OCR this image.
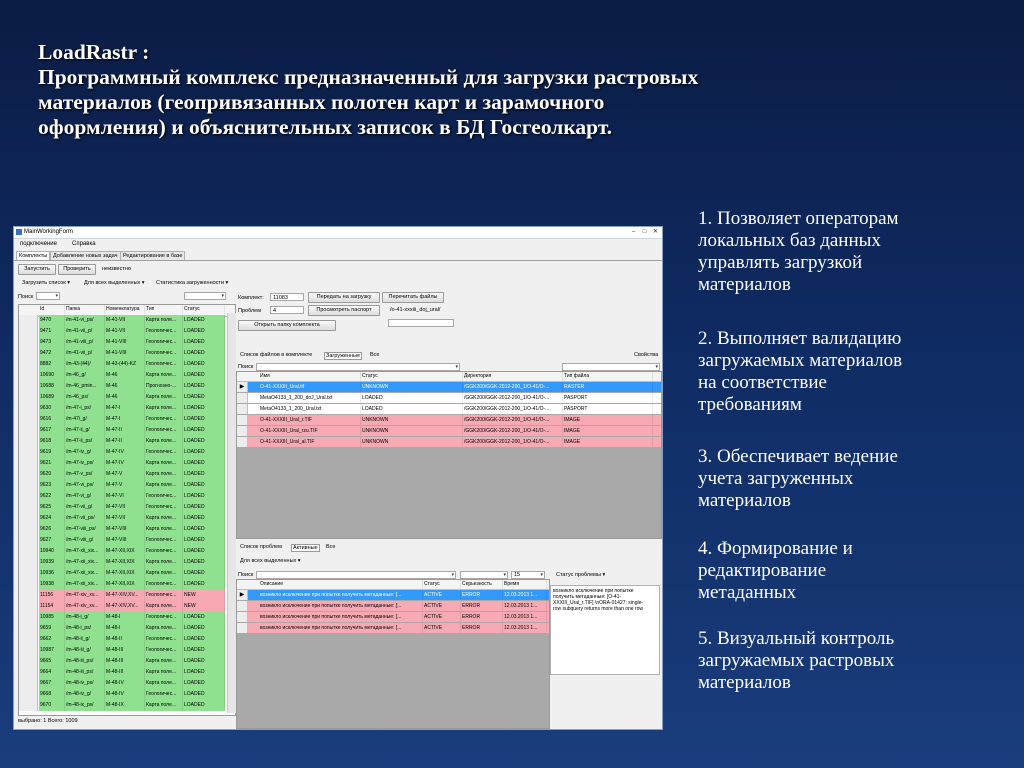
LoadRastr :
Программный комплекс предназначенный для загрузки растровых
материалов (геопривязанных полотен карт и зарамочного
оформления) и объяснительных записок в БД Госгеолкарт.
1. Позволяет операторам
локальных баз данных
управлять загрузкой
материалов
2. Выполняет валидацию
загружаемых материалов
на соответствие
требованиям
3. Обеспечивает ведение
учета загруженных
материалов
4. Формирование и
редактирование
метаданных
5. Визуальный контроль
загружаемых растровых
материалов
MainWorkingForm	–	□	✕
подключение	Справка
Комплекты	Добавление новых задач Редактирование в базе
Запустить	Проверить	неизвестно
Загрузить список ▾	Для всех выделенных ▾ Статистика загруженности ▾
Поиск	▾	▾
Id	Папка	Номенклатура	Тип	Статус
9470	/m-41-vi_ps/	M-41-VII	Карта поле...	LOADED
9471	/m-41-vii_p/	M-41-VII	Геологичес...	LOADED
9473	/m-41-viii_p/	M-41-VIII	Геологичес...	LOADED
9472	/m-41-vii_p/	M-41-VIII	Геологичес...	LOADED
8882	/m-43-(44)/	M-43-(44)-KZ	Геологичес...	LOADED
10690	/m-46_g/	M-46	Карта поле...	LOADED
10688	/m-46_pmin...	M-46	Прогнозно-...	LOADED
10689	/m-46_ps/	M-46	Карта поле...	LOADED
9630	/m-47-i_ps/	M-47-I	Карта поле...	LOADED
9616	/m-47i_g/	M-47-I	Геологичес...	LOADED
9617	/m-47-ii_g/	M-47-II	Геологичес...	LOADED
9618	/m-47-ii_ps/	M-47-II	Карта поле...	LOADED
9619	/m-47-iv_g/	M-47-IV	Геологичес...	LOADED
9621	/m-47-iv_ps/	M-47-IV	Карта поле...	LOADED
9620	/m-47-v_ps/	M-47-V	Карта поле...	LOADED
9623	/m-47-vi_ps/	M-47-V	Карта поле...	LOADED
9622	/m-47-vi_g/	M-47-VI	Геологичес...	LOADED
9625	/m-47-vii_g/	M-47-VII	Геологичес...	LOADED
9624	/m-47-vii_ps/	M-47-VII	Карта поле...	LOADED
9626	/m-47-viii_ps/	M-47-VIII	Карта поле...	LOADED
9627	/m-47-viii_g/	M-47-VIII	Геологичес...	LOADED
10940	/m-47-xii_xix...	M-47-XII,XIX	Геологичес...	LOADED
10939	/m-47-xii_xix...	M-47-XII,XIX	Карта поле...	LOADED
10936	/m-47-xii_xix...	M-47-XII,XIX	Карта поле...	LOADED
10938	/m-47-xii_xix...	M-47-XII,XIX	Геологичес...	LOADED
11156	/m-47-xiv_xv...	M-47-XIV,XV...	Геологичес...	NEW
11154	/m-47-xiv_xv...	M-47-XIV,XV...	Карта поле...	NEW
10985	/m-48-i_g/	M-48-I	Геологичес...	LOADED
9659	/m-48-i_ps/	M-48-I	Карта поле...	LOADED
9662	/m-48-ii_g/	M-48-II	Геологичес...	LOADED
10987	/m-48-iii_g/	M-48-III	Геологичес...	LOADED
9665	/m-48-iii_ps/	M-48-III	Карта поле...	LOADED
9664	/m-48-iii_ps/	M-48-III	Карта поле...	LOADED
9667	/m-48-iv_ps/	M-48-IV	Карта поле...	LOADED
9668	/m-48-iv_g/	M-48-IV	Геологичес...	LOADED
9670	/m-48-ix_ps/	M-48-IX	Карта поле...	LOADED
выбрано: 1 Всего: 1009
Комплект:	11083	Передать на загрузку	Перечитать файлы
Проблем	4	Просмотреть паспорт	/o-41-xxxiii_doj_ural/
Открыть папку комплекта
Список файлов в комплекте	Загруженные	Все	Свойства
Поиск	▾	▾
Имя	Статус	Директория	Тип файла
▶	O-41-XXXIII_Ural.tif	UNKNOWN	/GGK200/GGK-2012-200_1/O-41/O-...	RASTER
MetaO4133_1_200_doJ_Ural.txt	LOADED	/GGK200/GGK-2012-200_1/O-41/O-...	PASPORT
MetaO4133_1_200_Ural.txt	LOADED	/GGK200/GGK-2012-200_1/O-41/O-...	PASPORT
O-41-XXXIII_Ural_r.TIF	UNKNOWN	/GGK200/GGK-2012-200_1/O-41/O-...	IMAGE
O-41-XXXIII_Ural_rzu.TIF	UNKNOWN	/GGK200/GGK-2012-200_1/O-41/O-...	IMAGE
O-41-XXXIII_Ural_al.TIF	UNKNOWN	/GGK200/GGK-2012-200_1/O-41/O-...	IMAGE
Список проблем	Активные	Все
Для всех выделенных ▾
Поиск	▾	▾ 15	▾ Статус проблемы ▾
Описание	Статус	Серьезность	Время
▶	возникло исключение при попытке получить метаданные: [...	ACTIVE	ERROR	12.03.2013 1...
возникло исключение при попытке получить метаданные: [...	ACTIVE	ERROR	12.03.2013 1...
возникло исключение при попытке получить метаданные: [...	ACTIVE	ERROR	12.03.2013 1...
возникло исключение при попытке получить метаданные: [...	ACTIVE	ERROR	12.03.2013 1...
возникло исключение при попытке
получить метаданные: [O-41-
XXXIII_Ural_r.TIF] \nORA-01427: single-
row subquery returns more than one row
